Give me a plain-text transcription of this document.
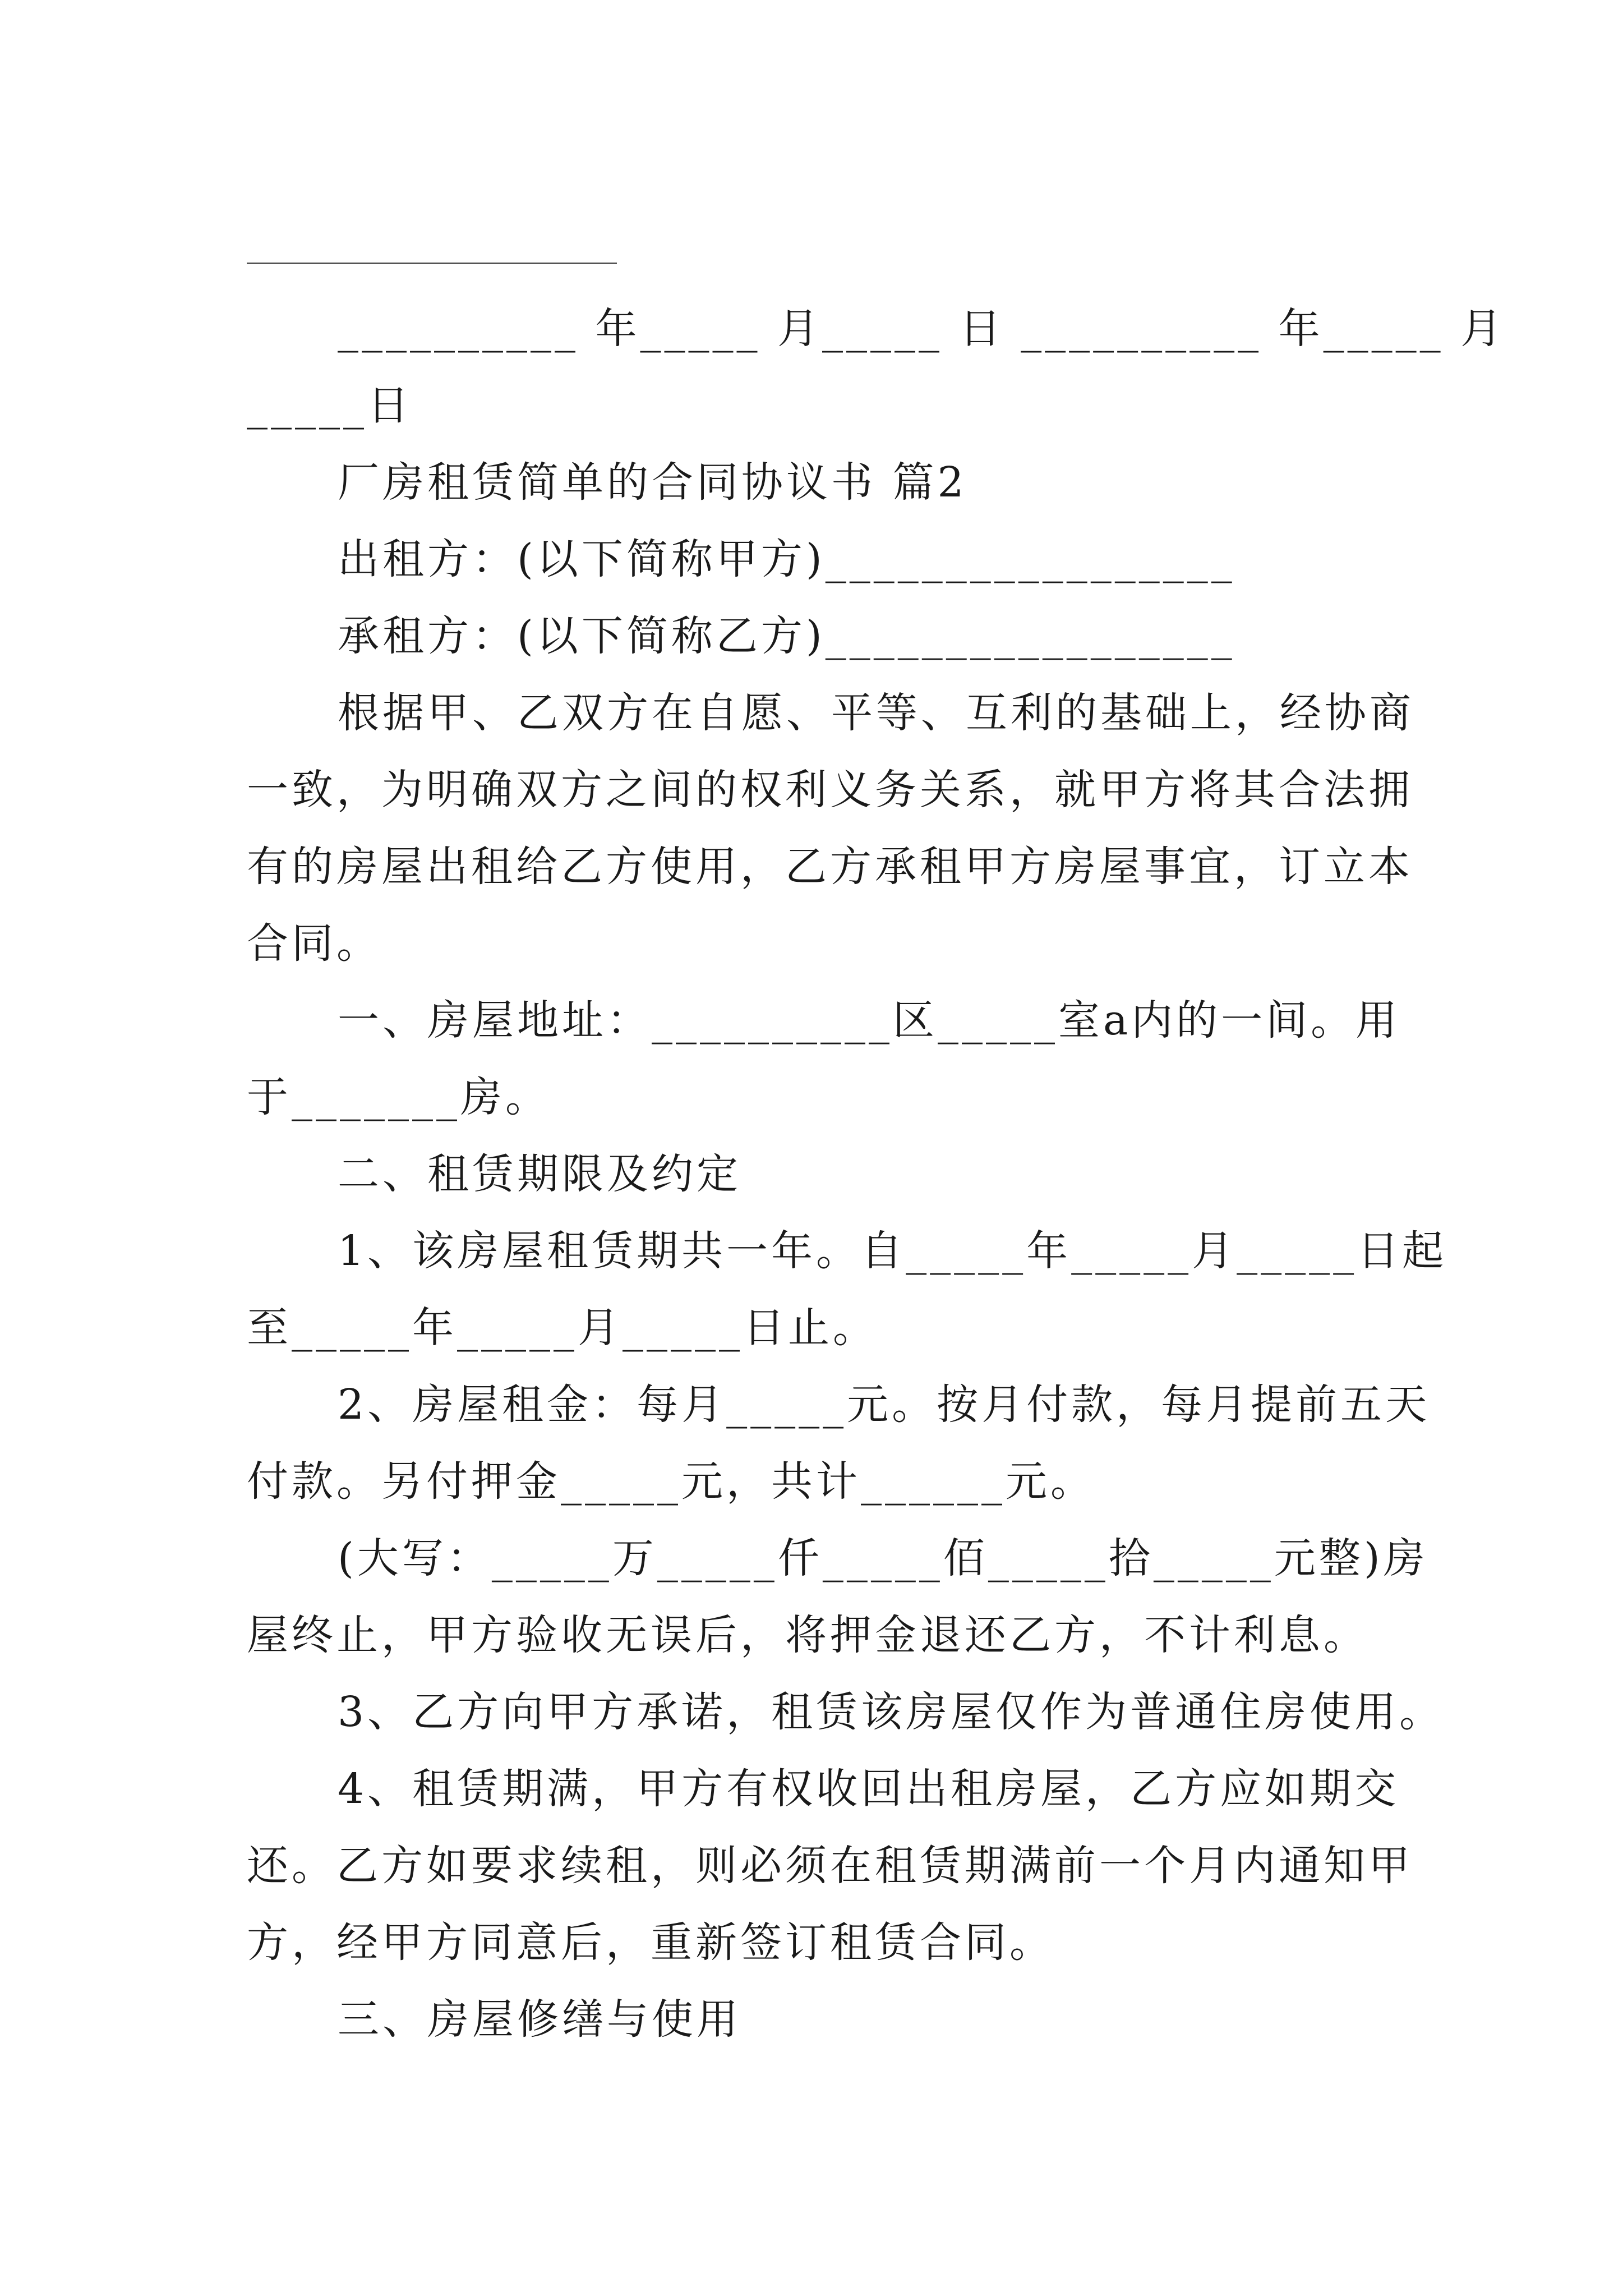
__________ 年_____ 月_____ 日 __________ 年_____ 月
_____日
厂房租赁简单的合同协议书 篇2
出租方：(以下简称甲方)_________________
承租方：(以下简称乙方)_________________
根据甲、乙双方在自愿、平等、互利的基础上，经协商
一致，为明确双方之间的权利义务关系，就甲方将其合法拥
有的房屋出租给乙方使用，乙方承租甲方房屋事宜，订立本
合同。
一、房屋地址：__________区_____室a内的一间。用
于_______房。
二、租赁期限及约定
1、该房屋租赁期共一年。自_____年_____月_____日起
至_____年_____月_____日止。
2、房屋租金：每月_____元。按月付款，每月提前五天
付款。另付押金_____元，共计______元。
(大写：_____万_____仟_____佰_____拾_____元整)房
屋终止，甲方验收无误后，将押金退还乙方，不计利息。
3、乙方向甲方承诺，租赁该房屋仅作为普通住房使用。
4、租赁期满，甲方有权收回出租房屋，乙方应如期交
还。乙方如要求续租，则必须在租赁期满前一个月内通知甲
方，经甲方同意后，重新签订租赁合同。
三、房屋修缮与使用
